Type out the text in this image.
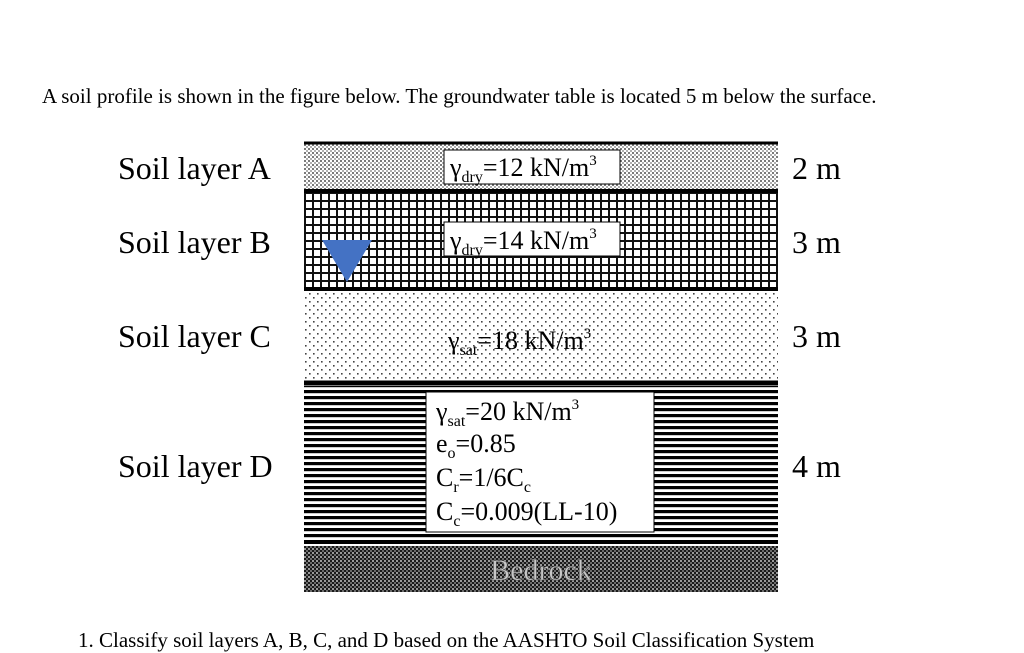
A soil profile is shown in the figure below. The groundwater table is located 5 m below the surface.
Soil layer A
Soil layer B
Soil layer C
Soil layer D
2 m
3 m
3 m
4 m
$\gamma_{dry}=12$ $kN/m^3$
$\gamma_{dry}=14$ $kN/m^3$
$\gamma_{sat}=18$ $kN/m^3$
$\gamma_{sat}=20$ $kN/m^3$
$e_o=0.85$
$C_r=1/6C_c$
$C_c=0.009(LL-10)$
Bedrock
1. Classify soil layers A, B, C, and D based on the AASHTO Soil Classification System
